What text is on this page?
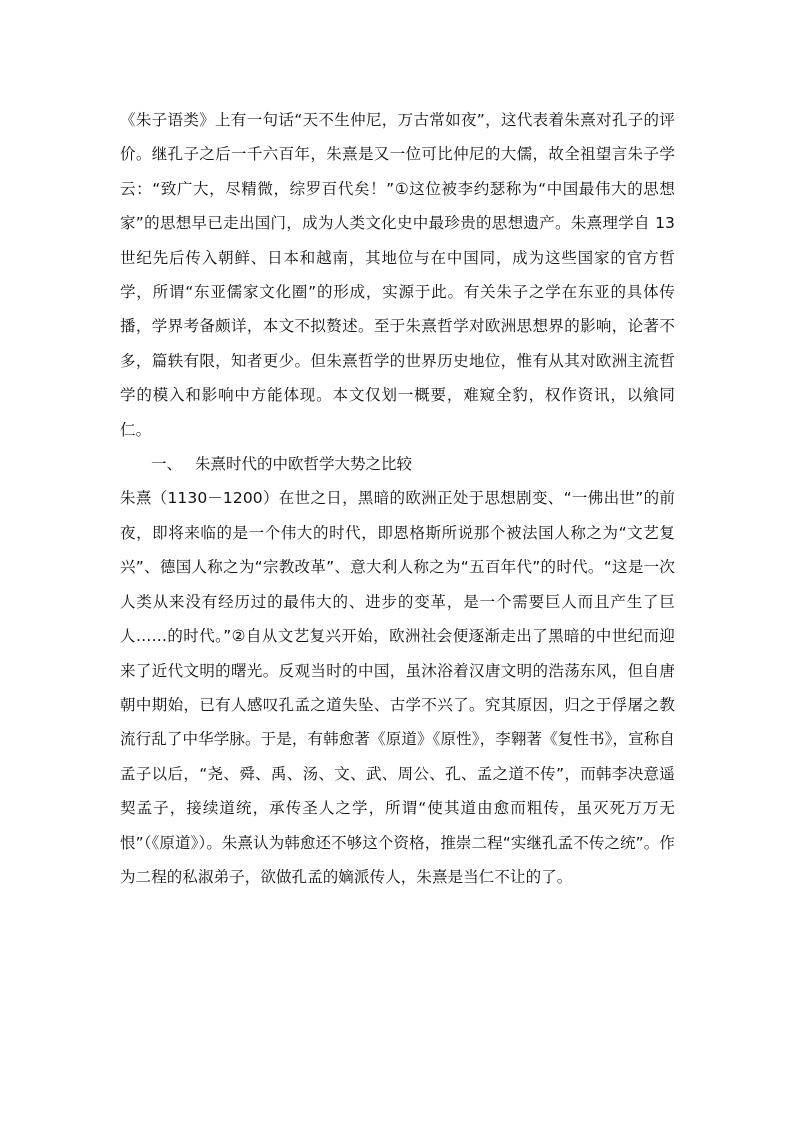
《朱子语类》上有一句话“天不生仲尼，万古常如夜”，这代表着朱熹对孔子的评价。继孔子之后一千六百年，朱熹是又一位可比仲尼的大儒，故全祖望言朱子学云：“致广大，尽精微，综罗百代矣！”①这位被李约瑟称为“中国最伟大的思想家”的思想早已走出国门，成为人类文化史中最珍贵的思想遗产。朱熹理学自 13 世纪先后传入朝鲜、日本和越南，其地位与在中国同，成为这些国家的官方哲学，所谓“东亚儒家文化圈”的形成，实源于此。有关朱子之学在东亚的具体传播，学界考备颇详，本文不拟赘述。至于朱熹哲学对欧洲思想界的影响，论著不多，篇轶有限，知者更少。但朱熹哲学的世界历史地位，惟有从其对欧洲主流哲学的模入和影响中方能体现。本文仅划一概要，难窥全豹，权作资讯，以飨同仁。

一、 朱熹时代的中欧哲学大势之比较

朱熹（1130－1200）在世之日，黑暗的欧洲正处于思想剧变、“一佛出世”的前夜，即将来临的是一个伟大的时代，即恩格斯所说那个被法国人称之为“文艺复兴”、德国人称之为“宗教改革”、意大利人称之为“五百年代”的时代。“这是一次人类从来没有经历过的最伟大的、进步的变革，是一个需要巨人而且产生了巨人……的时代。”②自从文艺复兴开始，欧洲社会便逐渐走出了黑暗的中世纪而迎来了近代文明的曙光。反观当时的中国，虽沐浴着汉唐文明的浩荡东风，但自唐朝中期始，已有人感叹孔孟之道失坠、古学不兴了。究其原因，归之于俘屠之教流行乱了中华学脉。于是，有韩愈著《原道》《原性》，李翱著《复性书》，宣称自孟子以后，“尧、舜、禹、汤、文、武、周公、孔、孟之道不传”，而韩李决意遥契孟子，接续道统，承传圣人之学，所谓“使其道由愈而粗传，虽灭死万万无恨”（《原道》）。朱熹认为韩愈还不够这个资格，推崇二程“实继孔孟不传之统”。作为二程的私淑弟子，欲做孔孟的嫡派传人，朱熹是当仁不让的了。
